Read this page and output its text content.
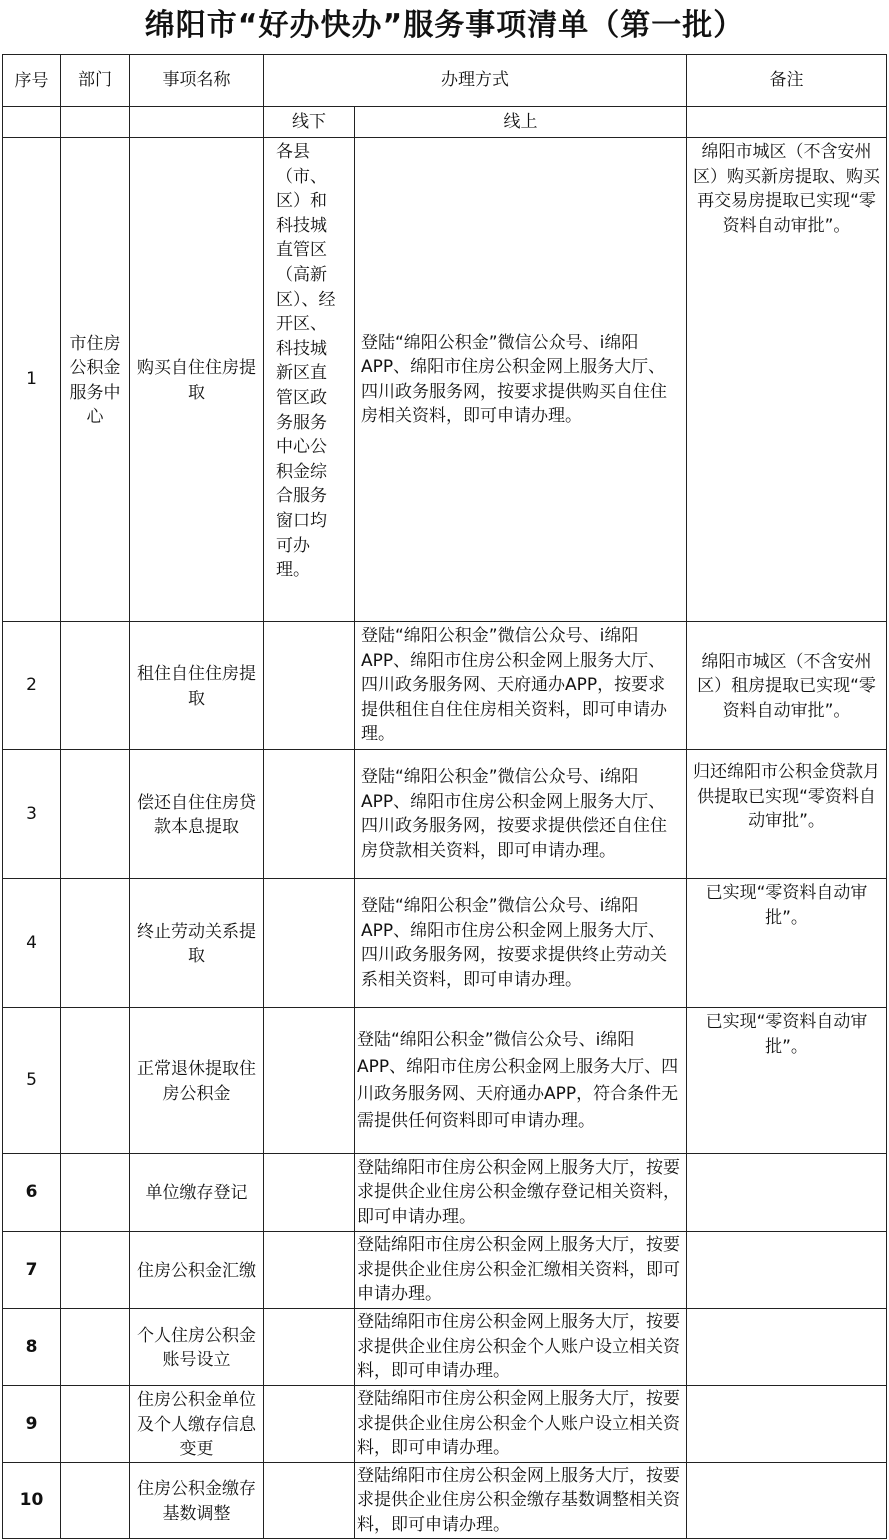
绵阳市“好办快办”服务事项清单（第一批）
序号	部门	事项名称	办理方式		备注
			线下	线上	
1	市住房公积金服务中心	购买自住住房提取	各县（市、区）和科技城直管区（高新区）、经开区、科技城新区直管区政务服务中心公积金综合服务窗口均可办理。	登陆“绵阳公积金”微信公众号、i绵阳APP、绵阳市住房公积金网上服务大厅、四川政务服务网，按要求提供购买自住住房相关资料，即可申请办理。	绵阳市城区（不含安州区）购买新房提取、购买再交易房提取已实现“零资料自动审批”。
2		租住自住住房提取		登陆“绵阳公积金”微信公众号、i绵阳APP、绵阳市住房公积金网上服务大厅、四川政务服务网、天府通办APP，按要求提供租住自住住房相关资料，即可申请办理。	绵阳市城区（不含安州区）租房提取已实现“零资料自动审批”。
3		偿还自住住房贷款本息提取		登陆“绵阳公积金”微信公众号、i绵阳APP、绵阳市住房公积金网上服务大厅、四川政务服务网，按要求提供偿还自住住房贷款相关资料，即可申请办理。	归还绵阳市公积金贷款月供提取已实现“零资料自动审批”。
4		终止劳动关系提取		登陆“绵阳公积金”微信公众号、i绵阳APP、绵阳市住房公积金网上服务大厅、四川政务服务网，按要求提供终止劳动关系相关资料，即可申请办理。	已实现“零资料自动审批”。
5		正常退休提取住房公积金		登陆“绵阳公积金”微信公众号、i绵阳APP、绵阳市住房公积金网上服务大厅、四川政务服务网、天府通办APP，符合条件无需提供任何资料即可申请办理。	已实现“零资料自动审批”。
6		单位缴存登记		登陆绵阳市住房公积金网上服务大厅，按要求提供企业住房公积金缴存登记相关资料，即可申请办理。	
7		住房公积金汇缴		登陆绵阳市住房公积金网上服务大厅，按要求提供企业住房公积金汇缴相关资料，即可申请办理。	
8		个人住房公积金账号设立		登陆绵阳市住房公积金网上服务大厅，按要求提供企业住房公积金个人账户设立相关资料，即可申请办理。	
9		住房公积金单位及个人缴存信息变更		登陆绵阳市住房公积金网上服务大厅，按要求提供企业住房公积金个人账户设立相关资料，即可申请办理。	
10		住房公积金缴存基数调整		登陆绵阳市住房公积金网上服务大厅，按要求提供企业住房公积金缴存基数调整相关资料，即可申请办理。	
